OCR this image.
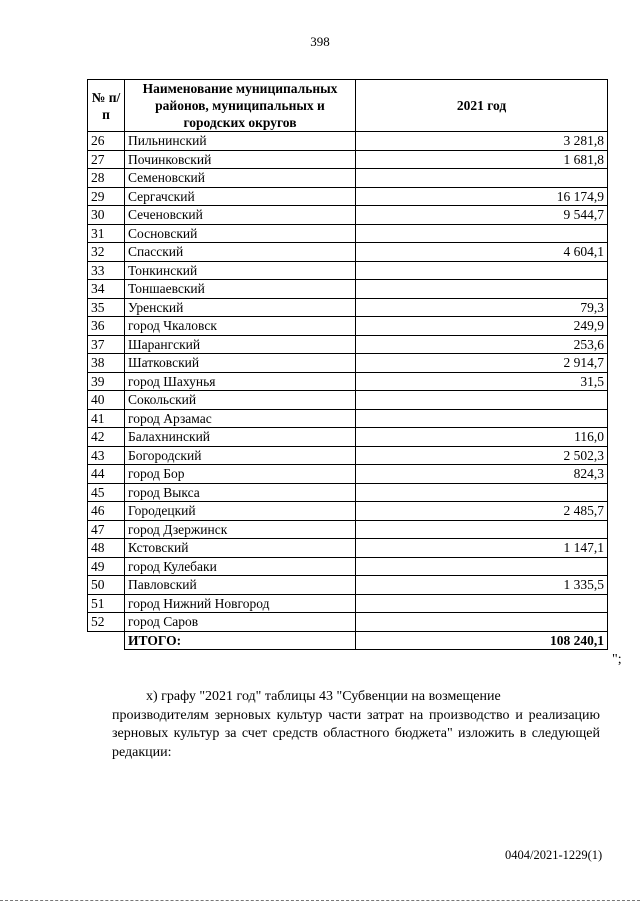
398
№ п/п	Наименование муниципальных районов, муниципальных и городских округов	2021 год
26	Пильнинский	3 281,8
27	Починковский	1 681,8
28	Семеновский	
29	Сергачский	16 174,9
30	Сеченовский	9 544,7
31	Сосновский	
32	Спасский	4 604,1
33	Тонкинский	
34	Тоншаевский	
35	Уренский	79,3
36	город Чкаловск	249,9
37	Шарангский	253,6
38	Шатковский	2 914,7
39	город Шахунья	31,5
40	Сокольский	
41	город Арзамас	
42	Балахнинский	116,0
43	Богородский	2 502,3
44	город Бор	824,3
45	город Выкса	
46	Городецкий	2 485,7
47	город Дзержинск	
48	Кстовский	1 147,1
49	город Кулебаки	
50	Павловский	1 335,5
51	город Нижний Новгород	
52	город Саров	
	ИТОГО:	108 240,1
";
х) графу "2021 год" таблицы 43 "Субвенции на возмещение
производителям зерновых культур части затрат на производство и реализацию зерновых культур за счет средств областного бюджета" изложить в следующей редакции:
0404/2021-1229(1)
